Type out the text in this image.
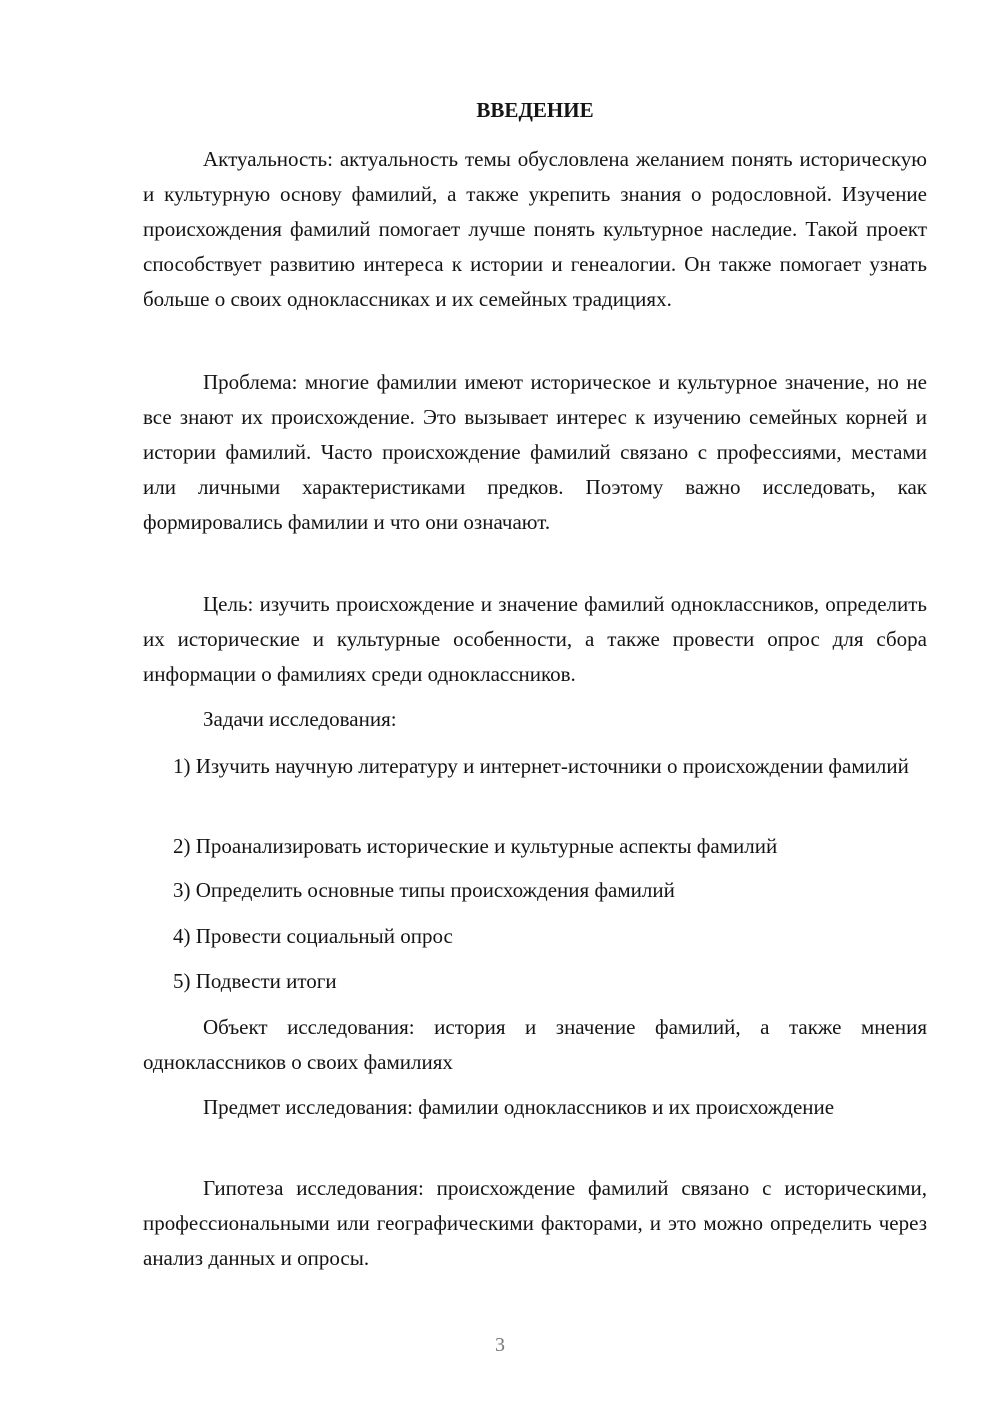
ВВЕДЕНИЕ

Актуальность: актуальность темы обусловлена желанием понять историческую и культурную основу фамилий, а также укрепить знания о родословной. Изучение происхождения фамилий помогает лучше понять культурное наследие. Такой проект способствует развитию интереса к истории и генеалогии. Он также помогает узнать больше о своих одноклассниках и их семейных традициях.

Проблема: многие фамилии имеют историческое и культурное значение, но не все знают их происхождение. Это вызывает интерес к изучению семейных корней и истории фамилий. Часто происхождение фамилий связано с профессиями, местами или личными характеристиками предков. Поэтому важно исследовать, как формировались фамилии и что они означают.

Цель: изучить происхождение и значение фамилий одноклассников, определить их исторические и культурные особенности, а также провести опрос для сбора информации о фамилиях среди одноклассников.

Задачи исследования:

1) Изучить научную литературу и интернет-источники о происхождении фамилий

2) Проанализировать исторические и культурные аспекты фамилий

3) Определить основные типы происхождения фамилий

4) Провести социальный опрос

5) Подвести итоги

Объект исследования: история и значение фамилий, а также мнения одноклассников о своих фамилиях

Предмет исследования: фамилии одноклассников и их происхождение

Гипотеза исследования: происхождение фамилий связано с историческими, профессиональными или географическими факторами, и это можно определить через анализ данных и опросы.

3
